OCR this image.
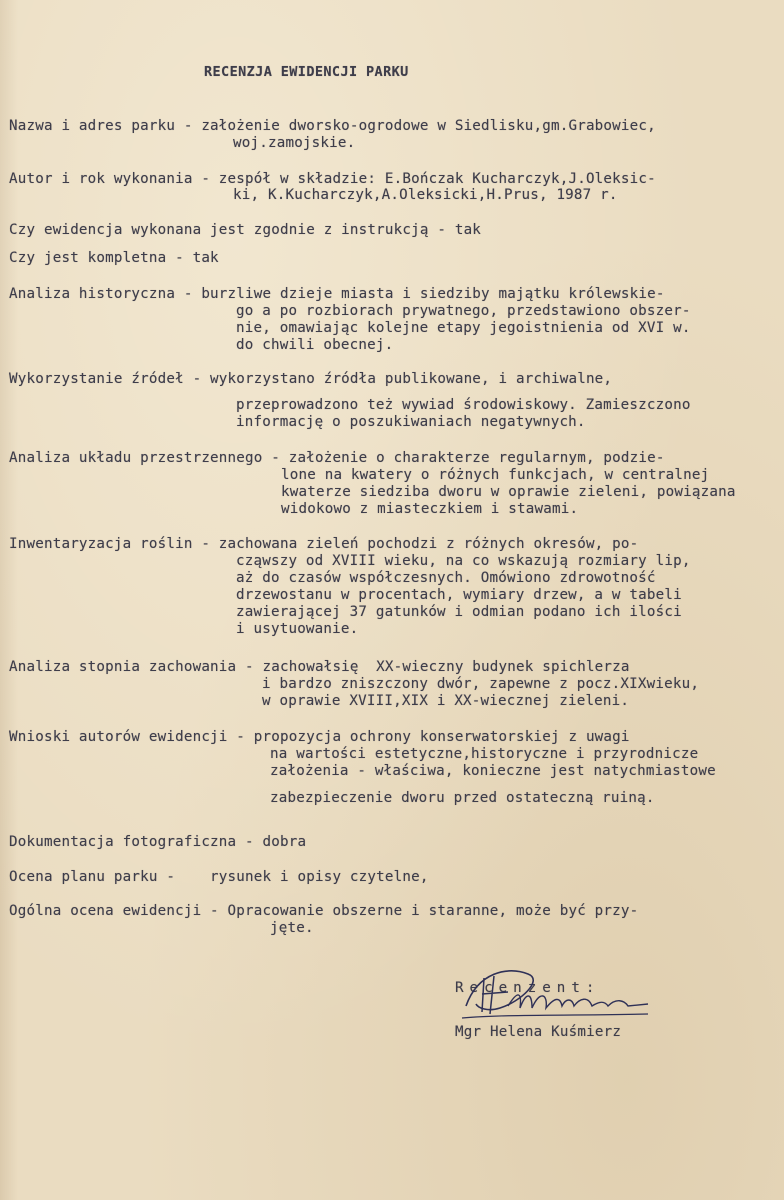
RECENZJA EWIDENCJI PARKU
Nazwa i adres parku - założenie dworsko-ogrodowe w Siedlisku,gm.Grabowiec,
woj.zamojskie.
Autor i rok wykonania - zespół w składzie: E.Bończak Kucharczyk,J.Oleksic-
ki, K.Kucharczyk,A.Oleksicki,H.Prus, 1987 r.
Czy ewidencja wykonana jest zgodnie z instrukcją - tak
Czy jest kompletna - tak
Analiza historyczna - burzliwe dzieje miasta i siedziby majątku królewskie-
go a po rozbiorach prywatnego, przedstawiono obszer-
nie, omawiając kolejne etapy jegoistnienia od XVI w.
do chwili obecnej.
Wykorzystanie źródeł - wykorzystano źródła publikowane, i archiwalne,
przeprowadzono też wywiad środowiskowy. Zamieszczono
informację o poszukiwaniach negatywnych.
Analiza układu przestrzennego - założenie o charakterze regularnym, podzie-
lone na kwatery o różnych funkcjach, w centralnej
kwaterze siedziba dworu w oprawie zieleni, powiązana
widokowo z miasteczkiem i stawami.
Inwentaryzacja roślin - zachowana zieleń pochodzi z różnych okresów, po-
cząwszy od XVIII wieku, na co wskazują rozmiary lip,
aż do czasów współczesnych. Omówiono zdrowotność
drzewostanu w procentach, wymiary drzew, a w tabeli
zawierającej 37 gatunków i odmian podano ich ilości
i usytuowanie.
Analiza stopnia zachowania - zachowałsię  XX-wieczny budynek spichlerza
i bardzo zniszczony dwór, zapewne z pocz.XIXwieku,
w oprawie XVIII,XIX i XX-wiecznej zieleni.
Wnioski autorów ewidencji - propozycja ochrony konserwatorskiej z uwagi
na wartości estetyczne,historyczne i przyrodnicze
założenia - właściwa, konieczne jest natychmiastowe
zabezpieczenie dworu przed ostateczną ruiną.
Dokumentacja fotograficzna - dobra
Ocena planu parku -    rysunek i opisy czytelne,
Ogólna ocena ewidencji - Opracowanie obszerne i staranne, może być przy-
jęte.
Recenzent:
Mgr Helena Kuśmierz
